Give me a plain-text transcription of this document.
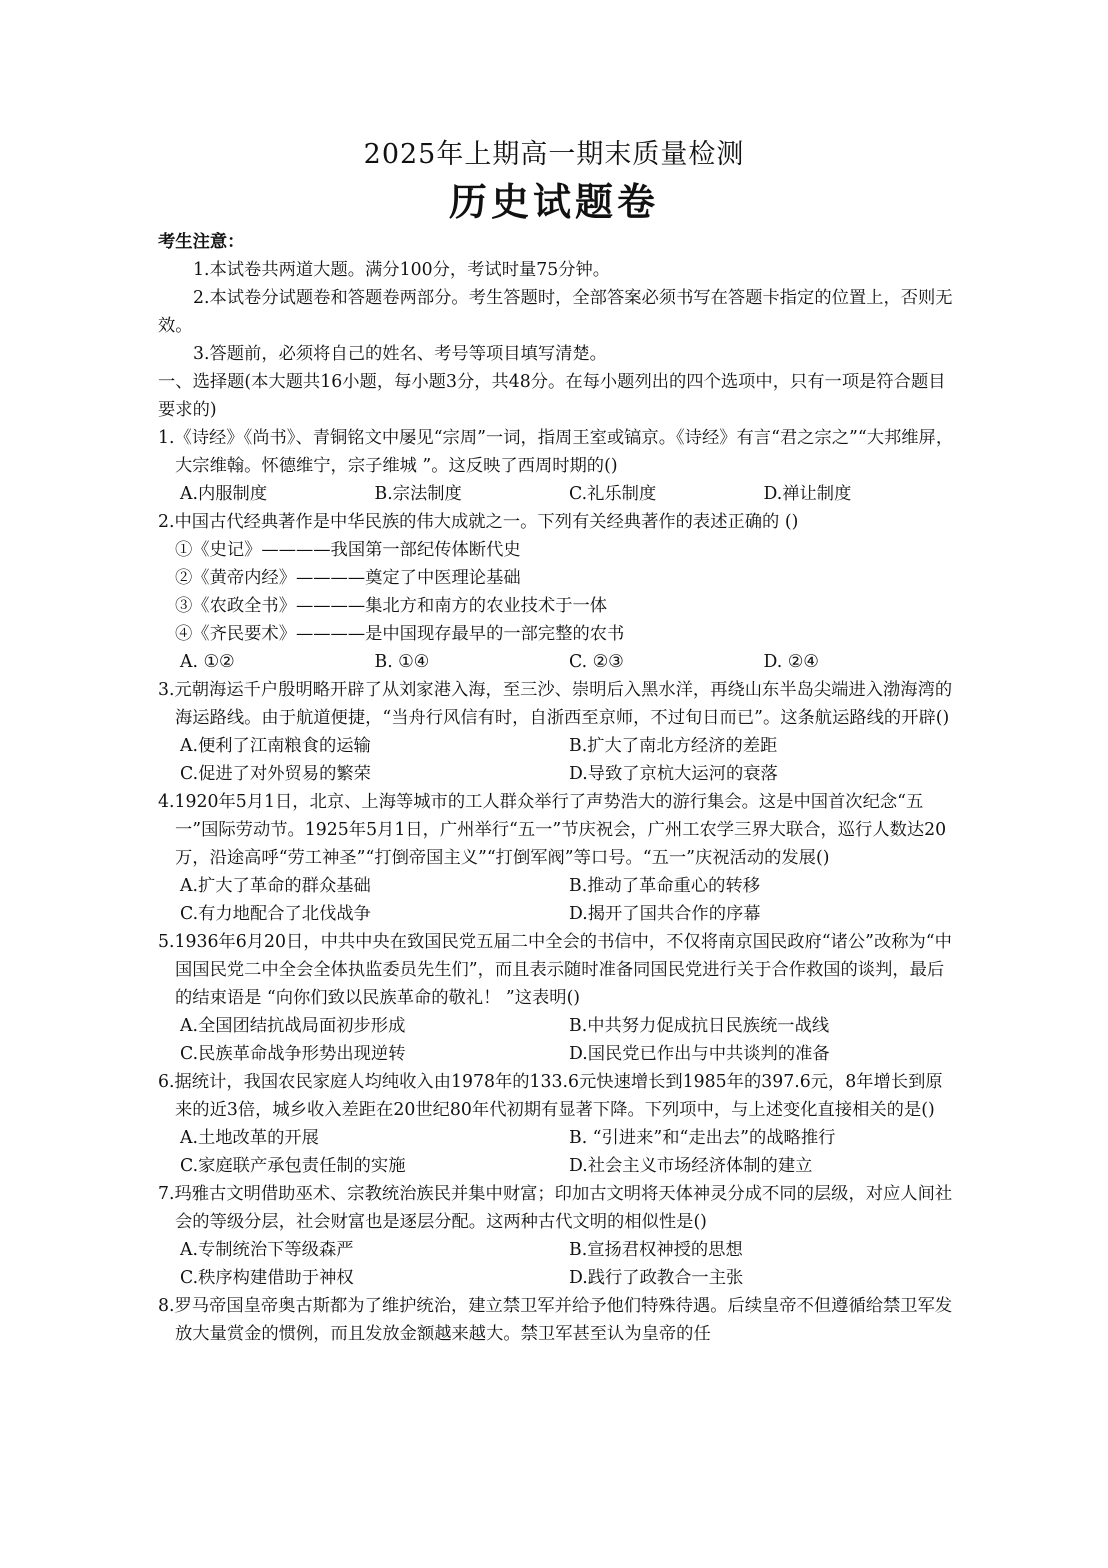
2025年上期高一期末质量检测
历史试题卷
考生注意：

1.本试卷共两道大题。满分100分，考试时量75分钟。

2.本试卷分试题卷和答题卷两部分。考生答题时，全部答案必须书写在答题卡指定的位置上，否则无效。

3.答题前，必须将自己的姓名、考号等项目填写清楚。

一、选择题(本大题共16小题，每小题3分，共48分。在每小题列出的四个选项中，只有一项是符合题目要求的)

1.《诗经》《尚书》、青铜铭文中屡见“宗周”一词，指周王室或镐京。《诗经》有言“君之宗之”“大邦维屏，大宗维翰。怀德维宁，宗子维城 ”。这反映了西周时期的()

A.内服制度	B.宗法制度	C.礼乐制度	D.禅让制度

2.中国古代经典著作是中华民族的伟大成就之一。下列有关经典著作的表述正确的 ()

①《史记》————我国第一部纪传体断代史

②《黄帝内经》————奠定了中医理论基础

③《农政全书》————集北方和南方的农业技术于一体

④《齐民要术》————是中国现存最早的一部完整的农书

A. ①②	B. ①④	C. ②③	D. ②④

3.元朝海运千户殷明略开辟了从刘家港入海，至三沙、崇明后入黑水洋，再绕山东半岛尖端进入渤海湾的海运路线。由于航道便捷，“当舟行风信有时，自浙西至京师，不过旬日而已”。这条航运路线的开辟()

A.便利了江南粮食的运输	B.扩大了南北方经济的差距
C.促进了对外贸易的繁荣	D.导致了京杭大运河的衰落

4.1920年5月1日，北京、上海等城市的工人群众举行了声势浩大的游行集会。这是中国首次纪念“五一”国际劳动节。1925年5月1日，广州举行“五一”节庆祝会，广州工农学三界大联合，巡行人数达20万，沿途高呼“劳工神圣”“打倒帝国主义”“打倒军阀”等口号。“五一”庆祝活动的发展()

A.扩大了革命的群众基础	B.推动了革命重心的转移
C.有力地配合了北伐战争	D.揭开了国共合作的序幕

5.1936年6月20日，中共中央在致国民党五届二中全会的书信中，不仅将南京国民政府“诸公”改称为“中国国民党二中全会全体执监委员先生们”，而且表示随时准备同国民党进行关于合作救国的谈判，最后的结束语是 “向你们致以民族革命的敬礼！ ”这表明()

A.全国团结抗战局面初步形成	B.中共努力促成抗日民族统一战线
C.民族革命战争形势出现逆转	D.国民党已作出与中共谈判的准备

6.据统计，我国农民家庭人均纯收入由1978年的133.6元快速增长到1985年的397.6元，8年增长到原来的近3倍，城乡收入差距在20世纪80年代初期有显著下降。下列项中，与上述变化直接相关的是()

A.土地改革的开展	B. “引进来”和“走出去”的战略推行
C.家庭联产承包责任制的实施	D.社会主义市场经济体制的建立

7.玛雅古文明借助巫术、宗教统治族民并集中财富；印加古文明将天体神灵分成不同的层级，对应人间社会的等级分层，社会财富也是逐层分配。这两种古代文明的相似性是()

A.专制统治下等级森严	B.宣扬君权神授的思想
C.秩序构建借助于神权	D.践行了政教合一主张

8.罗马帝国皇帝奥古斯都为了维护统治，建立禁卫军并给予他们特殊待遇。后续皇帝不但遵循给禁卫军发放大量赏金的惯例，而且发放金额越来越大。禁卫军甚至认为皇帝的任
